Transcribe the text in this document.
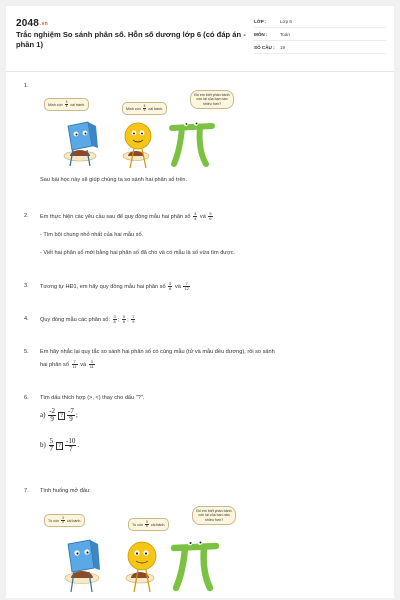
2048.vn
Trắc nghiệm So sánh phân số. Hỗn số dương lớp 6 (có đáp án - phần 1)
LỚP :	Lớp 6
MÔN :	Toán
SỐ CÂU :	19
1.
Minh còn $\frac{3}{4}$ cái bánh.
Minh còn $\frac{5}{6}$ cái bánh.
Đố em biết phần bánh còn lại của bạn nào nhiều hơn?
Sau bài học này sẽ giúp chúng ta so sánh hai phân số trên.
2.	Em thực hiện các yêu cầu sau để quy đồng mẫu hai phân số $\frac{3}{4}$ và $\frac{5}{6}$
- Tìm bội chung nhỏ nhất của hai mẫu số.
- Viết hai phân số mới bằng hai phân số đã cho và có mẫu là số vừa tìm được.
3.	Tương tự HĐ1, em hãy quy đồng mẫu hai phân số $\frac{5}{8}$ và $\frac{7}{12}$
4.	Quy đồng mẫu các phân số: $\frac{3}{8}$ ; $\frac{5}{6}$ ; $\frac{7}{9}$
5.	Em hãy nhắc lại quy tắc so sánh hai phân số có cùng mẫu (tử và mẫu đều dương), rồi so sánh
hai phân số $\frac{7}{11}$ và $\frac{3}{11}$
6.	Tìm dấu thích hợp (>, <) thay cho dấu "?".
$a) \frac{-2}{9}$ ? $\frac{-7}{9}$ ;
$b) \frac{5}{7}$ ? $\frac{-10}{7}$ .
7.	Tình huống mở đầu:
Tú còn $\frac{3}{4}$ cái bánh.
Tú còn $\frac{5}{6}$ cái bánh.
Đố em biết phần bánh còn lại của bạn nào nhiều hơn?
